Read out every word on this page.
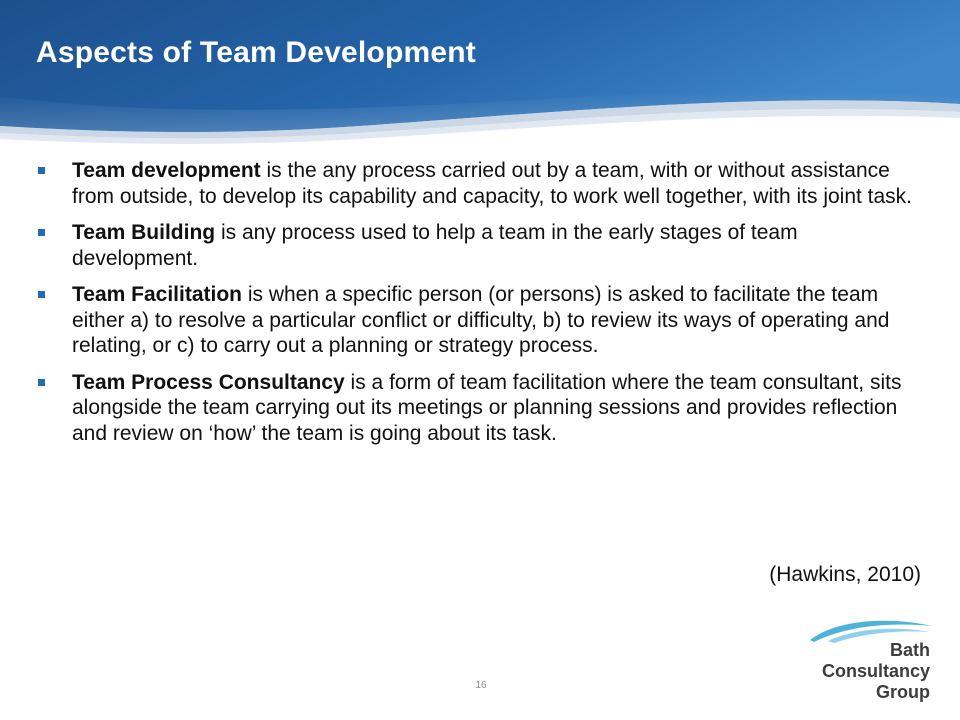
Aspects of Team Development
Team development is the any process carried out by a team, with or without assistance from outside, to develop its capability and capacity, to work well together, with its joint task.
Team Building is any process used to help a team in the early stages of team development.
Team Facilitation is when a specific person (or persons) is asked to facilitate the team either a) to resolve a particular conflict or difficulty, b) to review its ways of operating and relating, or c) to carry out a planning or strategy process.
Team Process Consultancy is a form of team facilitation where the team consultant, sits alongside the team carrying out its meetings or planning sessions and provides reflection and review on ‘how’ the team is going about its task.
(Hawkins, 2010)
16
Bath
Consultancy
Group
